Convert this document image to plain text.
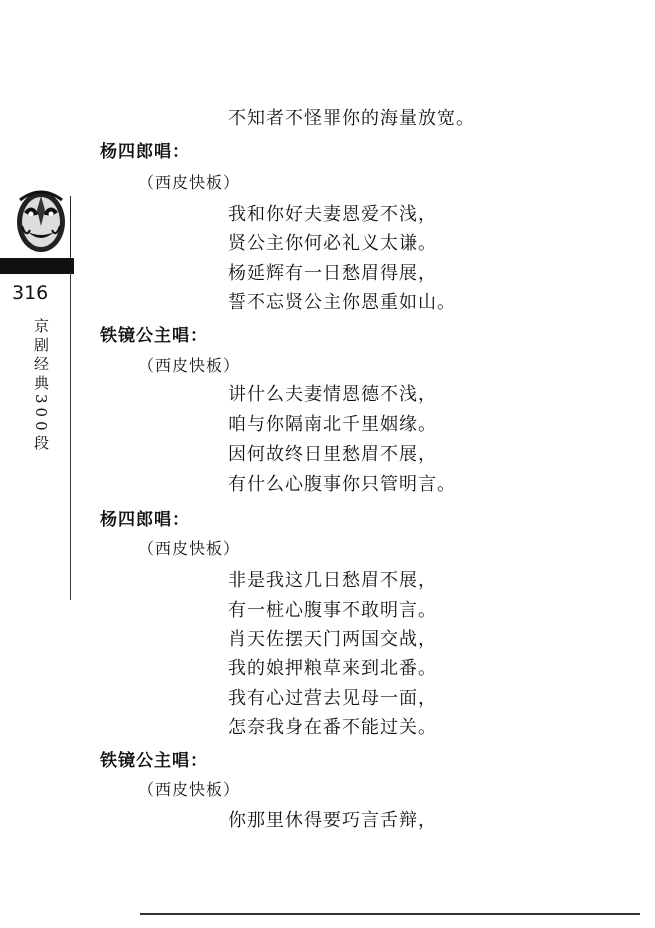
316
京剧经典300段
不知者不怪罪你的海量放宽。
杨四郎唱：
（西皮快板）
我和你好夫妻恩爱不浅，
贤公主你何必礼义太谦。
杨延辉有一日愁眉得展，
誓不忘贤公主你恩重如山。
铁镜公主唱：
（西皮快板）
讲什么夫妻情恩德不浅，
咱与你隔南北千里姻缘。
因何故终日里愁眉不展，
有什么心腹事你只管明言。
杨四郎唱：
（西皮快板）
非是我这几日愁眉不展，
有一桩心腹事不敢明言。
肖天佐摆天门两国交战，
我的娘押粮草来到北番。
我有心过营去见母一面，
怎奈我身在番不能过关。
铁镜公主唱：
（西皮快板）
你那里休得要巧言舌辩，
